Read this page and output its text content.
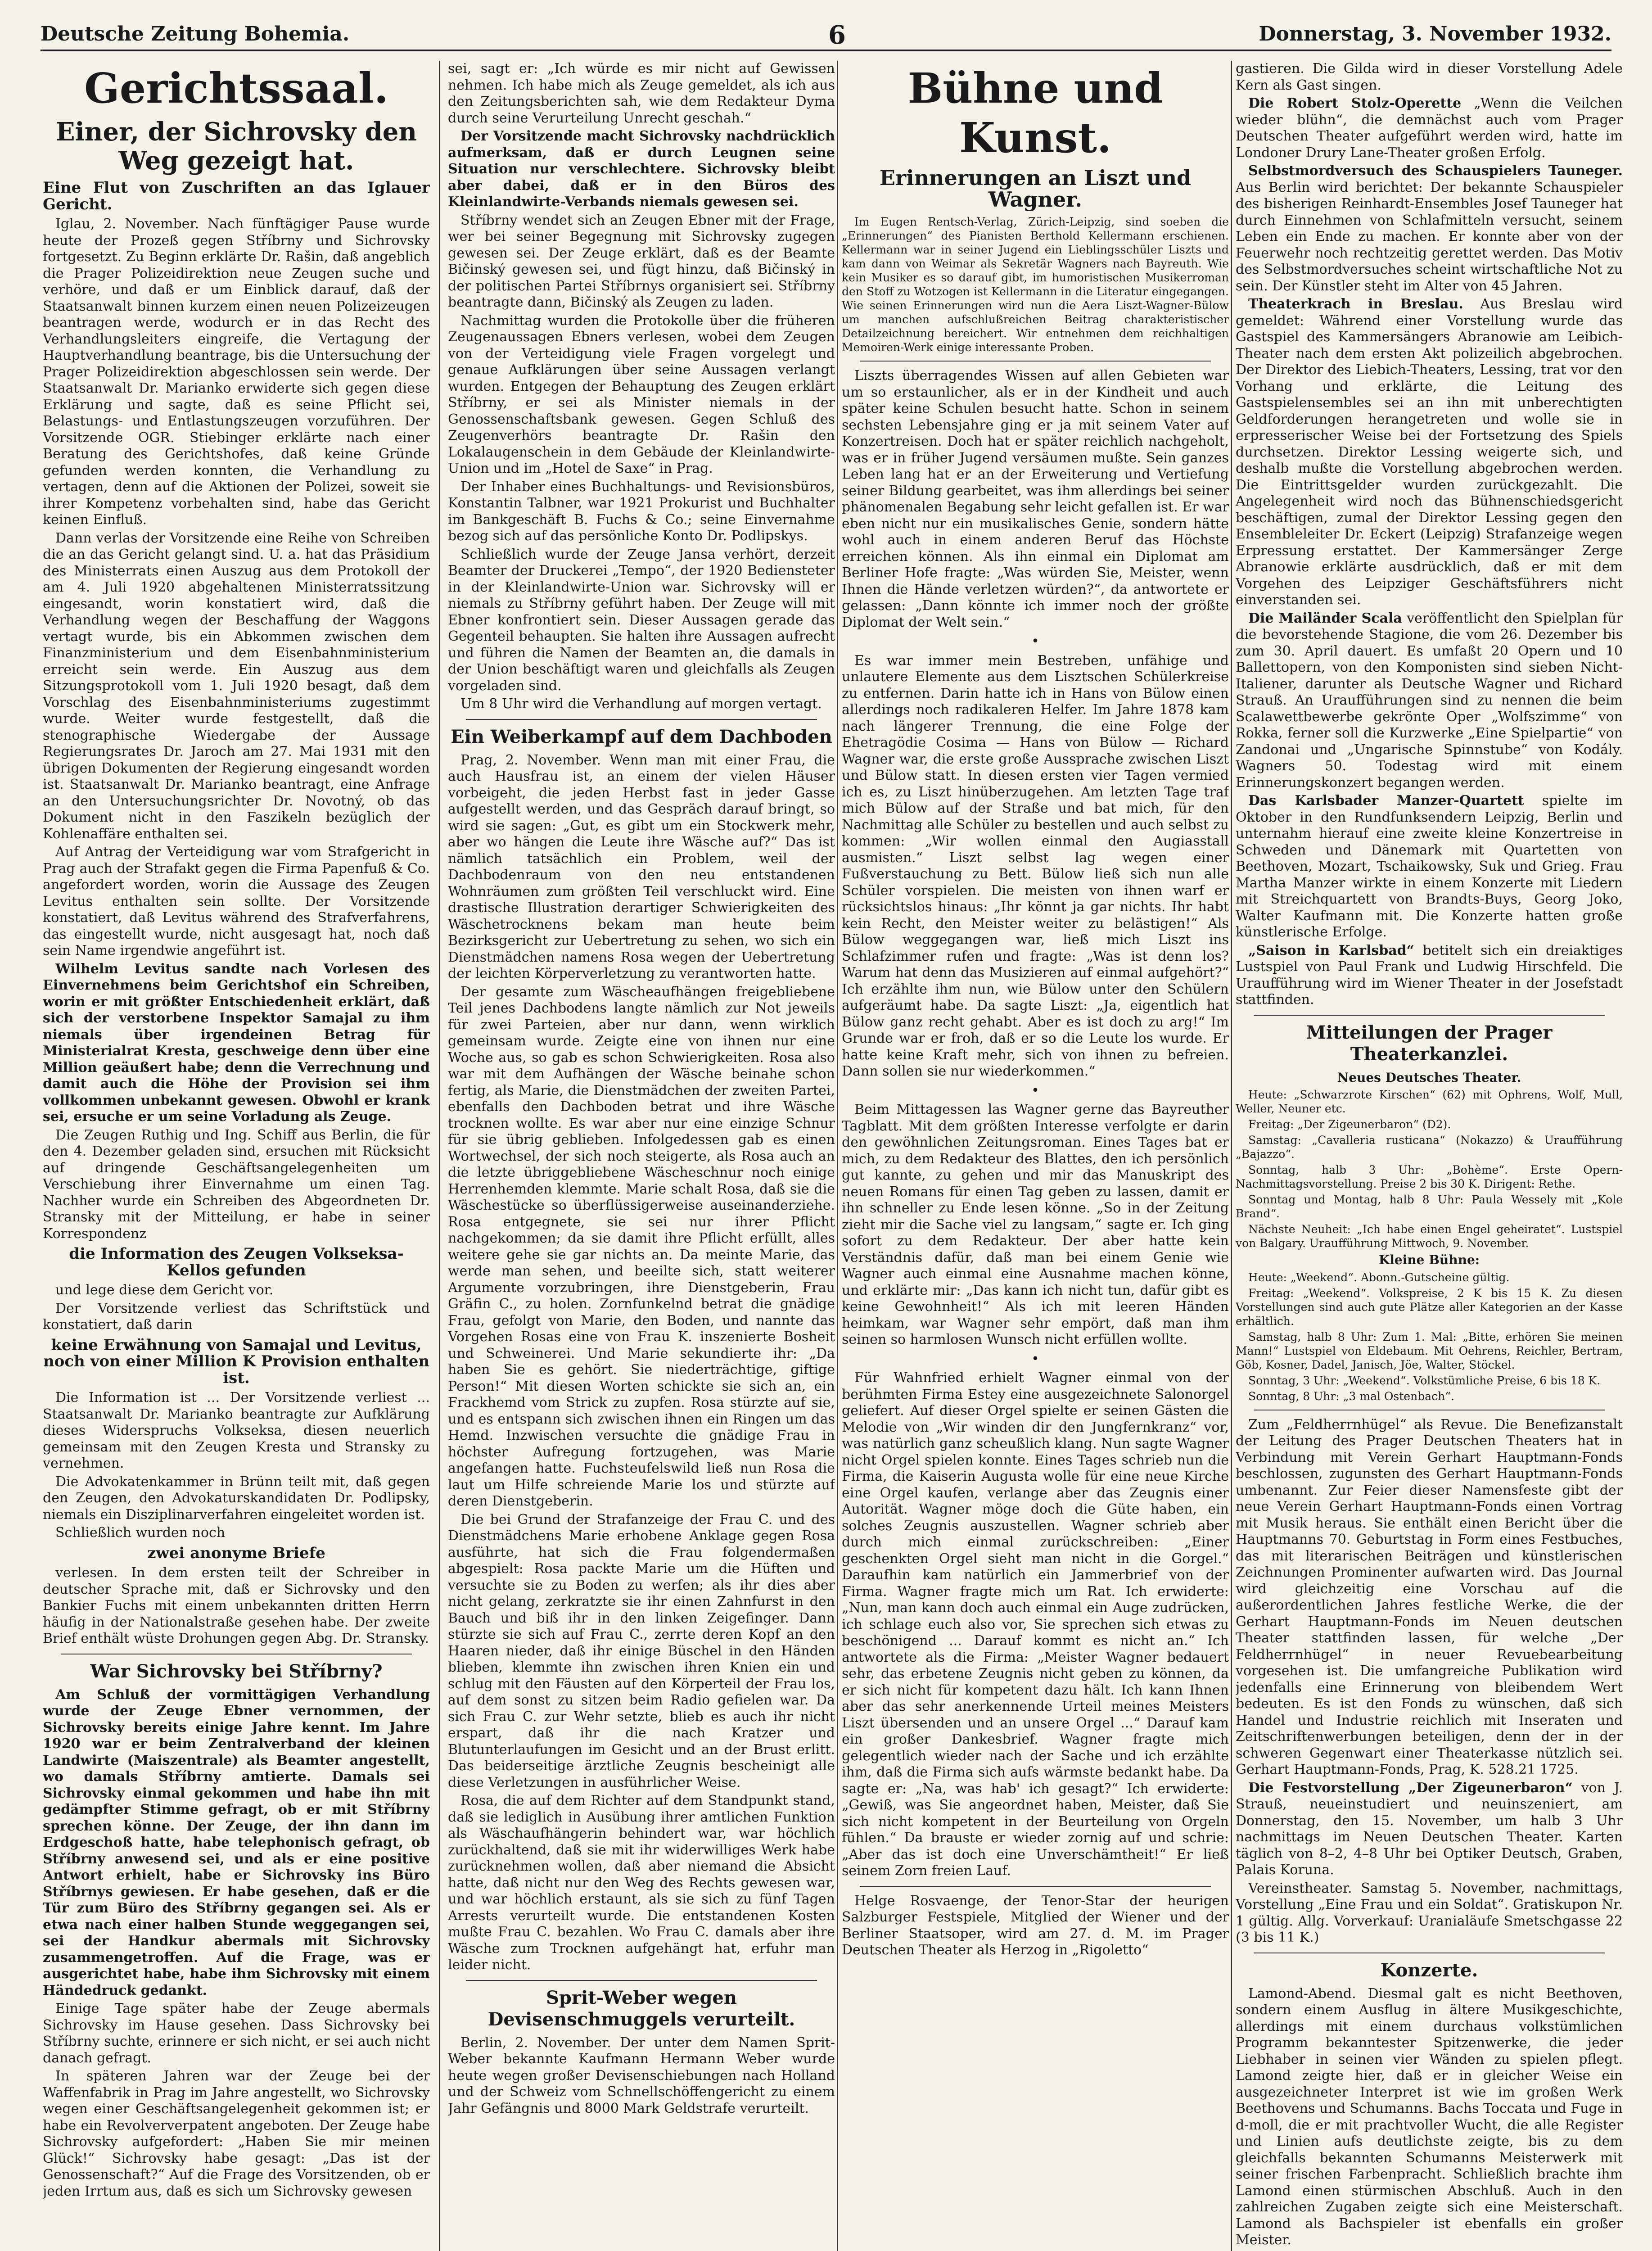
Deutsche Zeitung Bohemia.	6	Donnerstag, 3. November 1932.
Gerichtssaal.
Einer, der Sichrovsky den Weg gezeigt hat.
Eine Flut von Zuschriften an das Iglauer Gericht.

Iglau, 2. November. Nach fünftägiger Pause wurde heute der Prozeß gegen Stříbrny und Sichrovsky fortgesetzt. Zu Beginn erklärte Dr. Rašin, daß angeblich die Prager Polizeidirektion neue Zeugen suche und verhöre, und daß er um Einblick darauf, daß der Staatsanwalt binnen kurzem einen neuen Polizeizeugen beantragen werde, wodurch er in das Recht des Verhandlungsleiters eingreife, die Vertagung der Hauptverhandlung beantrage, bis die Untersuchung der Prager Polizeidirektion abgeschlossen sein werde. Der Staatsanwalt Dr. Marianko erwiderte sich gegen diese Erklärung und sagte, daß es seine Pflicht sei, Belastungs- und Entlastungszeugen vorzuführen. Der Vorsitzende OGR. Stiebinger erklärte nach einer Beratung des Gerichtshofes, daß keine Gründe gefunden werden konnten, die Verhandlung zu vertagen, denn auf die Aktionen der Polizei, soweit sie ihrer Kompetenz vorbehalten sind, habe das Gericht keinen Einfluß.

Dann verlas der Vorsitzende eine Reihe von Schreiben die an das Gericht gelangt sind. U. a. hat das Präsidium des Ministerrats einen Auszug aus dem Protokoll der am 4. Juli 1920 abgehaltenen Ministerratssitzung eingesandt, worin konstatiert wird, daß die Verhandlung wegen der Beschaffung der Waggons vertagt wurde, bis ein Abkommen zwischen dem Finanzministerium und dem Eisenbahnministerium erreicht sein werde. Ein Auszug aus dem Sitzungsprotokoll vom 1. Juli 1920 besagt, daß dem Vorschlag des Eisenbahnministeriums zugestimmt wurde. Weiter wurde festgestellt, daß die stenographische Wiedergabe der Aussage Regierungsrates Dr. Jaroch am 27. Mai 1931 mit den übrigen Dokumenten der Regierung eingesandt worden ist. Staatsanwalt Dr. Marianko beantragt, eine Anfrage an den Untersuchungsrichter Dr. Novotný, ob das Dokument nicht in den Faszikeln bezüglich der Kohlenaffäre enthalten sei.

Auf Antrag der Verteidigung war vom Strafgericht in Prag auch der Strafakt gegen die Firma Papenfuß & Co. angefordert worden, worin die Aussage des Zeugen Levitus enthalten sein sollte. Der Vorsitzende konstatiert, daß Levitus während des Strafverfahrens, das eingestellt wurde, nicht ausgesagt hat, noch daß sein Name irgendwie angeführt ist.

Wilhelm Levitus sandte nach Vorlesen des Einvernehmens beim Gerichtshof ein Schreiben, worin er mit größter Entschiedenheit erklärt, daß sich der verstorbene Inspektor Samajal zu ihm niemals über irgendeinen Betrag für Ministerialrat Kresta, geschweige denn über eine Million geäußert habe; denn die Verrechnung und damit auch die Höhe der Provision sei ihm vollkommen unbekannt gewesen. Obwohl er krank sei, ersuche er um seine Vorladung als Zeuge.

Die Zeugen Ruthig und Ing. Schiff aus Berlin, die für den 4. Dezember geladen sind, ersuchen mit Rücksicht auf dringende Geschäftsangelegenheiten um Verschiebung ihrer Einvernahme um einen Tag. Nachher wurde ein Schreiben des Abgeordneten Dr. Stransky mit der Mitteilung, er habe in seiner Korrespondenz

die Information des Zeugen Volkseksa-Kellos gefunden

und lege diese dem Gericht vor.

Der Vorsitzende verliest das Schriftstück und konstatiert, daß darin

keine Erwähnung von Samajal und Levitus, noch von einer Million K Provision enthalten ist.

Die Information ist ... Der Vorsitzende verliest ... Staatsanwalt Dr. Marianko beantragte zur Aufklärung dieses Widerspruchs Volkseksa, diesen neuerlich gemeinsam mit den Zeugen Kresta und Stransky zu vernehmen.

Die Advokatenkammer in Brünn teilt mit, daß gegen den Zeugen, den Advokaturskandidaten Dr. Podlipsky, niemals ein Disziplinarverfahren eingeleitet worden ist.

Schließlich wurden noch

zwei anonyme Briefe

verlesen. In dem ersten teilt der Schreiber in deutscher Sprache mit, daß er Sichrovsky und den Bankier Fuchs mit einem unbekannten dritten Herrn häufig in der Nationalstraße gesehen habe. Der zweite Brief enthält wüste Drohungen gegen Abg. Dr. Stransky.

War Sichrovsky bei Stříbrny?

Am Schluß der vormittägigen Verhandlung wurde der Zeuge Ebner vernommen, der Sichrovsky bereits einige Jahre kennt. Im Jahre 1920 war er beim Zentralverband der kleinen Landwirte (Maiszentrale) als Beamter angestellt, wo damals Stříbrny amtierte. Damals sei Sichrovsky einmal gekommen und habe ihn mit gedämpfter Stimme gefragt, ob er mit Stříbrny sprechen könne. Der Zeuge, der ihn dann im Erdgeschoß hatte, habe telephonisch gefragt, ob Stříbrny anwesend sei, und als er eine positive Antwort erhielt, habe er Sichrovsky ins Büro Stříbrnys gewiesen. Er habe gesehen, daß er die Tür zum Büro des Stříbrny gegangen sei. Als er etwa nach einer halben Stunde weggegangen sei, sei der Handkur abermals mit Sichrovsky zusammengetroffen. Auf die Frage, was er ausgerichtet habe, habe ihm Sichrovsky mit einem Händedruck gedankt.

Einige Tage später habe der Zeuge abermals Sichrovsky im Hause gesehen. Dass Sichrovsky bei Stříbrny suchte, erinnere er sich nicht, er sei auch nicht danach gefragt.

In späteren Jahren war der Zeuge bei der Waffenfabrik in Prag im Jahre angestellt, wo Sichrovsky wegen einer Geschäftsangelegenheit gekommen ist; er habe ein Revolververpatent angeboten. Der Zeuge habe Sichrovsky aufgefordert: „Haben Sie mir meinen Glück!“ Sichrovsky habe gesagt: „Das ist der Genossenschaft?“ Auf die Frage des Vorsitzenden, ob er jeden Irrtum aus, daß es sich um Sichrovsky gewesen

sei, sagt er: „Ich würde es mir nicht auf Gewissen nehmen. Ich habe mich als Zeuge gemeldet, als ich aus den Zeitungsberichten sah, wie dem Redakteur Dyma durch seine Verurteilung Unrecht geschah.“

Der Vorsitzende macht Sichrovsky nachdrücklich aufmerksam, daß er durch Leugnen seine Situation nur verschlechtere. Sichrovsky bleibt aber dabei, daß er in den Büros des Kleinlandwirte-Verbands niemals gewesen sei.

Stříbrny wendet sich an Zeugen Ebner mit der Frage, wer bei seiner Begegnung mit Sichrovsky zugegen gewesen sei. Der Zeuge erklärt, daß es der Beamte Bičinský gewesen sei, und fügt hinzu, daß Bičinský in der politischen Partei Stříbrnys organisiert sei. Stříbrny beantragte dann, Bičinský als Zeugen zu laden.

Nachmittag wurden die Protokolle über die früheren Zeugenaussagen Ebners verlesen, wobei dem Zeugen von der Verteidigung viele Fragen vorgelegt und genaue Aufklärungen über seine Aussagen verlangt wurden. Entgegen der Behauptung des Zeugen erklärt Stříbrny, er sei als Minister niemals in der Genossenschaftsbank gewesen. Gegen Schluß des Zeugenverhörs beantragte Dr. Rašin den Lokalaugenschein in dem Gebäude der Kleinlandwirte-Union und im „Hotel de Saxe“ in Prag.

Der Inhaber eines Buchhaltungs- und Revisionsbüros, Konstantin Talbner, war 1921 Prokurist und Buchhalter im Bankgeschäft B. Fuchs & Co.; seine Einvernahme bezog sich auf das persönliche Konto Dr. Podlipskys.

Schließlich wurde der Zeuge Jansa verhört, derzeit Beamter der Druckerei „Tempo“, der 1920 Bediensteter in der Kleinlandwirte-Union war. Sichrovsky will er niemals zu Stříbrny geführt haben. Der Zeuge will mit Ebner konfrontiert sein. Dieser Aussagen gerade das Gegenteil behaupten. Sie halten ihre Aussagen aufrecht und führen die Namen der Beamten an, die damals in der Union beschäftigt waren und gleichfalls als Zeugen vorgeladen sind.

Um 8 Uhr wird die Verhandlung auf morgen vertagt.

Ein Weiberkampf auf dem Dachboden

Prag, 2. November. Wenn man mit einer Frau, die auch Hausfrau ist, an einem der vielen Häuser vorbeigeht, die jeden Herbst fast in jeder Gasse aufgestellt werden, und das Gespräch darauf bringt, so wird sie sagen: „Gut, es gibt um ein Stockwerk mehr, aber wo hängen die Leute ihre Wäsche auf?“ Das ist nämlich tatsächlich ein Problem, weil der Dachbodenraum von den neu entstandenen Wohnräumen zum größten Teil verschluckt wird. Eine drastische Illustration derartiger Schwierigkeiten des Wäschetrocknens bekam man heute beim Bezirksgericht zur Uebertretung zu sehen, wo sich ein Dienstmädchen namens Rosa wegen der Uebertretung der leichten Körperverletzung zu verantworten hatte.

Der gesamte zum Wäscheaufhängen freigebliebene Teil jenes Dachbodens langte nämlich zur Not jeweils für zwei Parteien, aber nur dann, wenn wirklich gemeinsam wurde. Zeigte eine von ihnen nur eine Woche aus, so gab es schon Schwierigkeiten. Rosa also war mit dem Aufhängen der Wäsche beinahe schon fertig, als Marie, die Dienstmädchen der zweiten Partei, ebenfalls den Dachboden betrat und ihre Wäsche trocknen wollte. Es war aber nur eine einzige Schnur für sie übrig geblieben. Infolgedessen gab es einen Wortwechsel, der sich noch steigerte, als Rosa auch an die letzte übriggebliebene Wäscheschnur noch einige Herrenhemden klemmte. Marie schalt Rosa, daß sie die Wäschestücke so überflüssigerweise auseinanderziehe. Rosa entgegnete, sie sei nur ihrer Pflicht nachgekommen; da sie damit ihre Pflicht erfüllt, alles weitere gehe sie gar nichts an. Da meinte Marie, das werde man sehen, und beeilte sich, statt weiterer Argumente vorzubringen, ihre Dienstgeberin, Frau Gräfin C., zu holen. Zornfunkelnd betrat die gnädige Frau, gefolgt von Marie, den Boden, und nannte das Vorgehen Rosas eine von Frau K. inszenierte Bosheit und Schweinerei. Und Marie sekundierte ihr: „Da haben Sie es gehört. Sie niederträchtige, giftige Person!“ Mit diesen Worten schickte sie sich an, ein Frackhemd vom Strick zu zupfen. Rosa stürzte auf sie, und es entspann sich zwischen ihnen ein Ringen um das Hemd. Inzwischen versuchte die gnädige Frau in höchster Aufregung fortzugehen, was Marie angefangen hatte. Fuchsteufelswild ließ nun Rosa die laut um Hilfe schreiende Marie los und stürzte auf deren Dienstgeberin.

Die bei Grund der Strafanzeige der Frau C. und des Dienstmädchens Marie erhobene Anklage gegen Rosa ausführte, hat sich die Frau folgendermaßen abgespielt: Rosa packte Marie um die Hüften und versuchte sie zu Boden zu werfen; als ihr dies aber nicht gelang, zerkratzte sie ihr einen Zahnfurst in den Bauch und biß ihr in den linken Zeigefinger. Dann stürzte sie sich auf Frau C., zerrte deren Kopf an den Haaren nieder, daß ihr einige Büschel in den Händen blieben, klemmte ihn zwischen ihren Knien ein und schlug mit den Fäusten auf den Körperteil der Frau los, auf dem sonst zu sitzen beim Radio gefielen war. Da sich Frau C. zur Wehr setzte, blieb es auch ihr nicht erspart, daß ihr die nach Kratzer und Blutunterlaufungen im Gesicht und an der Brust erlitt. Das beiderseitige ärztliche Zeugnis bescheinigt alle diese Verletzungen in ausführlicher Weise.

Rosa, die auf dem Richter auf dem Standpunkt stand, daß sie lediglich in Ausübung ihrer amtlichen Funktion als Wäschaufhängerin behindert war, war höchlich zurückhaltend, daß sie mit ihr widerwilliges Werk habe zurücknehmen wollen, daß aber niemand die Absicht hatte, daß nicht nur den Weg des Rechts gewesen war, und war höchlich erstaunt, als sie sich zu fünf Tagen Arrests verurteilt wurde. Die entstandenen Kosten mußte Frau C. bezahlen. Wo Frau C. damals aber ihre Wäsche zum Trocknen aufgehängt hat, erfuhr man leider nicht.

Sprit-Weber wegen Devisenschmuggels verurteilt.

Berlin, 2. November. Der unter dem Namen Sprit-Weber bekannte Kaufmann Hermann Weber wurde heute wegen großer Devisenschiebungen nach Holland und der Schweiz vom Schnellschöffengericht zu einem Jahr Gefängnis und 8000 Mark Geldstrafe verurteilt.

Bühne und Kunst.
Erinnerungen an Liszt und Wagner.

Im Eugen Rentsch-Verlag, Zürich-Leipzig, sind soeben die „Erinnerungen“ des Pianisten Berthold Kellermann erschienen. Kellermann war in seiner Jugend ein Lieblingsschüler Liszts und kam dann von Weimar als Sekretär Wagners nach Bayreuth. Wie kein Musiker es so darauf gibt, im humoristischen Musikerroman den Stoff zu Wotzogen ist Kellermann in die Literatur eingegangen. Wie seinen Erinnerungen wird nun die Aera Liszt-Wagner-Bülow um manchen aufschlußreichen Beitrag charakteristischer Detailzeichnung bereichert. Wir entnehmen dem reichhaltigen Memoiren-Werk einige interessante Proben.

Liszts überragendes Wissen auf allen Gebieten war um so erstaunlicher, als er in der Kindheit und auch später keine Schulen besucht hatte. Schon in seinem sechsten Lebensjahre ging er ja mit seinem Vater auf Konzertreisen. Doch hat er später reichlich nachgeholt, was er in früher Jugend versäumen mußte. Sein ganzes Leben lang hat er an der Erweiterung und Vertiefung seiner Bildung gearbeitet, was ihm allerdings bei seiner phänomenalen Begabung sehr leicht gefallen ist. Er war eben nicht nur ein musikalisches Genie, sondern hätte wohl auch in einem anderen Beruf das Höchste erreichen können. Als ihn einmal ein Diplomat am Berliner Hofe fragte: „Was würden Sie, Meister, wenn Ihnen die Hände verletzen würden?“, da antwortete er gelassen: „Dann könnte ich immer noch der größte Diplomat der Welt sein.“

•

Es war immer mein Bestreben, unfähige und unlautere Elemente aus dem Lisztschen Schülerkreise zu entfernen. Darin hatte ich in Hans von Bülow einen allerdings noch radikaleren Helfer. Im Jahre 1878 kam nach längerer Trennung, die eine Folge der Ehetragödie Cosima — Hans von Bülow — Richard Wagner war, die erste große Aussprache zwischen Liszt und Bülow statt. In diesen ersten vier Tagen vermied ich es, zu Liszt hinüberzugehen. Am letzten Tage traf mich Bülow auf der Straße und bat mich, für den Nachmittag alle Schüler zu bestellen und auch selbst zu kommen: „Wir wollen einmal den Augiasstall ausmisten.“ Liszt selbst lag wegen einer Fußverstauchung zu Bett. Bülow ließ sich nun alle Schüler vorspielen. Die meisten von ihnen warf er rücksichtslos hinaus: „Ihr könnt ja gar nichts. Ihr habt kein Recht, den Meister weiter zu belästigen!“ Als Bülow weggegangen war, ließ mich Liszt ins Schlafzimmer rufen und fragte: „Was ist denn los? Warum hat denn das Musizieren auf einmal aufgehört?“ Ich erzählte ihm nun, wie Bülow unter den Schülern aufgeräumt habe. Da sagte Liszt: „Ja, eigentlich hat Bülow ganz recht gehabt. Aber es ist doch zu arg!“ Im Grunde war er froh, daß er so die Leute los wurde. Er hatte keine Kraft mehr, sich von ihnen zu befreien. Dann sollen sie nur wiederkommen.“

•

Beim Mittagessen las Wagner gerne das Bayreuther Tagblatt. Mit dem größten Interesse verfolgte er darin den gewöhnlichen Zeitungsroman. Eines Tages bat er mich, zu dem Redakteur des Blattes, den ich persönlich gut kannte, zu gehen und mir das Manuskript des neuen Romans für einen Tag geben zu lassen, damit er ihn schneller zu Ende lesen könne. „So in der Zeitung zieht mir die Sache viel zu langsam,“ sagte er. Ich ging sofort zu dem Redakteur. Der aber hatte kein Verständnis dafür, daß man bei einem Genie wie Wagner auch einmal eine Ausnahme machen könne, und erklärte mir: „Das kann ich nicht tun, dafür gibt es keine Gewohnheit!“ Als ich mit leeren Händen heimkam, war Wagner sehr empört, daß man ihm seinen so harmlosen Wunsch nicht erfüllen wollte.

•

Für Wahnfried erhielt Wagner einmal von der berühmten Firma Estey eine ausgezeichnete Salonorgel geliefert. Auf dieser Orgel spielte er seinen Gästen die Melodie von „Wir winden dir den Jungfernkranz“ vor, was natürlich ganz scheußlich klang. Nun sagte Wagner nicht Orgel spielen konnte. Eines Tages schrieb nun die Firma, die Kaiserin Augusta wolle für eine neue Kirche eine Orgel kaufen, verlange aber das Zeugnis einer Autorität. Wagner möge doch die Güte haben, ein solches Zeugnis auszustellen. Wagner schrieb aber durch mich einmal zurückschreiben: „Einer geschenkten Orgel sieht man nicht in die Gorgel.“ Daraufhin kam natürlich ein Jammerbrief von der Firma. Wagner fragte mich um Rat. Ich erwiderte: „Nun, man kann doch auch einmal ein Auge zudrücken, ich schlage euch also vor, Sie sprechen sich etwas zu beschönigend ... Darauf kommt es nicht an.“ Ich antwortete als die Firma: „Meister Wagner bedauert sehr, das erbetene Zeugnis nicht geben zu können, da er sich nicht für kompetent dazu hält. Ich kann Ihnen aber das sehr anerkennende Urteil meines Meisters Liszt übersenden und an unsere Orgel ...“ Darauf kam ein großer Dankesbrief. Wagner fragte mich gelegentlich wieder nach der Sache und ich erzählte ihm, daß die Firma sich aufs wärmste bedankt habe. Da sagte er: „Na, was hab' ich gesagt?“ Ich erwiderte: „Gewiß, was Sie angeordnet haben, Meister, daß Sie sich nicht kompetent in der Beurteilung von Orgeln fühlen.“ Da brauste er wieder zornig auf und schrie: „Aber das ist doch eine Unverschämtheit!“ Er ließ seinem Zorn freien Lauf.

Helge Rosvaenge, der Tenor-Star der heurigen Salzburger Festspiele, Mitglied der Wiener und der Berliner Staatsoper, wird am 27. d. M. im Prager Deutschen Theater als Herzog in „Rigoletto“

gastieren. Die Gilda wird in dieser Vorstellung Adele Kern als Gast singen.

Die Robert Stolz-Operette „Wenn die Veilchen wieder blühn“, die demnächst auch vom Prager Deutschen Theater aufgeführt werden wird, hatte im Londoner Drury Lane-Theater großen Erfolg.

Selbstmordversuch des Schauspielers Tauneger. Aus Berlin wird berichtet: Der bekannte Schauspieler des bisherigen Reinhardt-Ensembles Josef Tauneger hat durch Einnehmen von Schlafmitteln versucht, seinem Leben ein Ende zu machen. Er konnte aber von der Feuerwehr noch rechtzeitig gerettet werden. Das Motiv des Selbstmordversuches scheint wirtschaftliche Not zu sein. Der Künstler steht im Alter von 45 Jahren.

Theaterkrach in Breslau. Aus Breslau wird gemeldet: Während einer Vorstellung wurde das Gastspiel des Kammersängers Abranowie am Leibich-Theater nach dem ersten Akt polizeilich abgebrochen. Der Direktor des Liebich-Theaters, Lessing, trat vor den Vorhang und erklärte, die Leitung des Gastspielensembles sei an ihn mit unberechtigten Geldforderungen herangetreten und wolle sie in erpresserischer Weise bei der Fortsetzung des Spiels durchsetzen. Direktor Lessing weigerte sich, und deshalb mußte die Vorstellung abgebrochen werden. Die Eintrittsgelder wurden zurückgezahlt. Die Angelegenheit wird noch das Bühnenschiedsgericht beschäftigen, zumal der Direktor Lessing gegen den Ensembleleiter Dr. Eckert (Leipzig) Strafanzeige wegen Erpressung erstattet. Der Kammersänger Zerge Abranowie erklärte ausdrücklich, daß er mit dem Vorgehen des Leipziger Geschäftsführers nicht einverstanden sei.

Die Mailänder Scala veröffentlicht den Spielplan für die bevorstehende Stagione, die vom 26. Dezember bis zum 30. April dauert. Es umfaßt 20 Opern und 10 Ballettopern, von den Komponisten sind sieben Nicht-Italiener, darunter als Deutsche Wagner und Richard Strauß. An Uraufführungen sind zu nennen die beim Scalawettbewerbe gekrönte Oper „Wolfszimme“ von Rokka, ferner soll die Kurzwerke „Eine Spielpartie“ von Zandonai und „Ungarische Spinnstube“ von Kodály. Wagners 50. Todestag wird mit einem Erinnerungskonzert begangen werden.

Das Karlsbader Manzer-Quartett spielte im Oktober in den Rundfunksendern Leipzig, Berlin und unternahm hierauf eine zweite kleine Konzertreise in Schweden und Dänemark mit Quartetten von Beethoven, Mozart, Tschaikowsky, Suk und Grieg. Frau Martha Manzer wirkte in einem Konzerte mit Liedern mit Streichquartett von Brandts-Buys, Georg Joko, Walter Kaufmann mit. Die Konzerte hatten große künstlerische Erfolge.

„Saison in Karlsbad“ betitelt sich ein dreiaktiges Lustspiel von Paul Frank und Ludwig Hirschfeld. Die Uraufführung wird im Wiener Theater in der Josefstadt stattfinden.

Mitteilungen der Prager Theaterkanzlei.
Neues Deutsches Theater.

Heute: „Schwarzrote Kirschen“ (62) mit Ophrens, Wolf, Mull, Weller, Neuner etc.

Freitag: „Der Zigeunerbaron“ (D2).

Samstag: „Cavalleria rusticana“ (Nokazzo) & Uraufführung „Bajazzo“.

Sonntag, halb 3 Uhr: „Bohème“. Erste Opern-Nachmittagsvorstellung. Preise 2 bis 30 K. Dirigent: Rethe.

Sonntag und Montag, halb 8 Uhr: Paula Wessely mit „Kole Brand“.

Nächste Neuheit: „Ich habe einen Engel geheiratet“. Lustspiel von Balgary. Uraufführung Mittwoch, 9. November.

Kleine Bühne:

Heute: „Weekend“. Abonn.-Gutscheine gültig.

Freitag: „Weekend“. Volkspreise, 2 K bis 15 K. Zu diesen Vorstellungen sind auch gute Plätze aller Kategorien an der Kasse erhältlich.

Samstag, halb 8 Uhr: Zum 1. Mal: „Bitte, erhören Sie meinen Mann!“ Lustspiel von Eldebaum. Mit Oehrens, Reichler, Bertram, Göb, Kosner, Dadel, Janisch, Jöe, Walter, Stöckel.

Sonntag, 3 Uhr: „Weekend“. Volkstümliche Preise, 6 bis 18 K.

Sonntag, 8 Uhr: „3 mal Ostenbach“.

Zum „Feldherrnhügel“ als Revue. Die Benefizanstalt der Leitung des Prager Deutschen Theaters hat in Verbindung mit Verein Gerhart Hauptmann-Fonds beschlossen, zugunsten des Gerhart Hauptmann-Fonds umbenannt. Zur Feier dieser Namensfeste gibt der neue Verein Gerhart Hauptmann-Fonds einen Vortrag mit Musik heraus. Sie enthält einen Bericht über die Hauptmanns 70. Geburtstag in Form eines Festbuches, das mit literarischen Beiträgen und künstlerischen Zeichnungen Prominenter aufwarten wird. Das Journal wird gleichzeitig eine Vorschau auf die außerordentlichen Jahres festliche Werke, die der Gerhart Hauptmann-Fonds im Neuen deutschen Theater stattfinden lassen, für welche „Der Feldherrnhügel“ in neuer Revuebearbeitung vorgesehen ist. Die umfangreiche Publikation wird jedenfalls eine Erinnerung von bleibendem Wert bedeuten. Es ist den Fonds zu wünschen, daß sich Handel und Industrie reichlich mit Inseraten und Zeitschriftenwerbungen beteiligen, denn der in der schweren Gegenwart einer Theaterkasse nützlich sei. Gerhart Hauptmann-Fonds, Prag, K. 528.21 1725.

Die Festvorstellung „Der Zigeunerbaron“ von J. Strauß, neueinstudiert und neuinszeniert, am Donnerstag, den 15. November, um halb 3 Uhr nachmittags im Neuen Deutschen Theater. Karten täglich von 8–2, 4–8 Uhr bei Optiker Deutsch, Graben, Palais Koruna.

Vereinstheater. Samstag 5. November, nachmittags, Vorstellung „Eine Frau und ein Soldat“. Gratiskupon Nr. 1 gültig. Allg. Vorverkauf: Uranialäufe Smetschgasse 22 (3 bis 11 K.)

Konzerte.

Lamond-Abend. Diesmal galt es nicht Beethoven, sondern einem Ausflug in ältere Musikgeschichte, allerdings mit einem durchaus volkstümlichen Programm bekanntester Spitzenwerke, die jeder Liebhaber in seinen vier Wänden zu spielen pflegt. Lamond zeigte hier, daß er in gleicher Weise ein ausgezeichneter Interpret ist wie im großen Werk Beethovens und Schumanns. Bachs Toccata und Fuge in d-moll, die er mit prachtvoller Wucht, die alle Register und Linien aufs deutlichste zeigte, bis zu dem gleichfalls bekannten Schumanns Meisterwerk mit seiner frischen Farbenpracht. Schließlich brachte ihm Lamond einen stürmischen Abschluß. Auch in den zahlreichen Zugaben zeigte sich eine Meisterschaft. Lamond als Bachspieler ist ebenfalls ein großer Meister.
